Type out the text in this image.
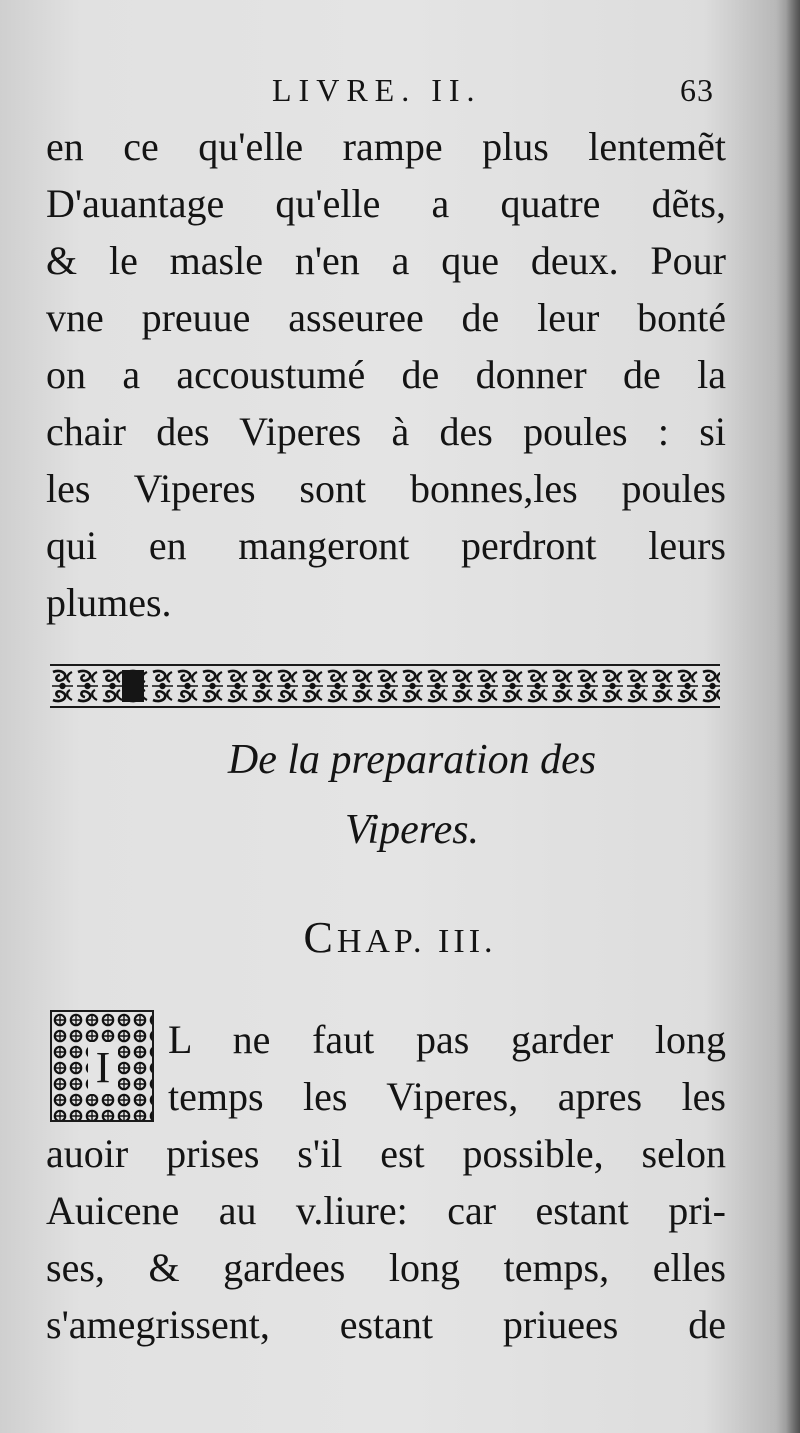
LIVRE. II.	63
en ce qu'elle rampe plus lentemẽt
D'auantage qu'elle a quatre dẽts,
& le masle n'en a que deux. Pour
vne preuue asseuree de leur bonté
on a accoustumé de donner de la
chair des Viperes à des poules : si
les Viperes sont bonnes,les poules
qui en mangeront perdront leurs
plumes.
De la preparation des
Viperes.
CHAP. III.
I
L ne faut pas garder long
temps les Viperes, apres les
auoir prises s'il est possible, selon
Auicene au v.liure: car estant pri-
ses, & gardees long temps, elles
s'amegrissent, estant priuees de
